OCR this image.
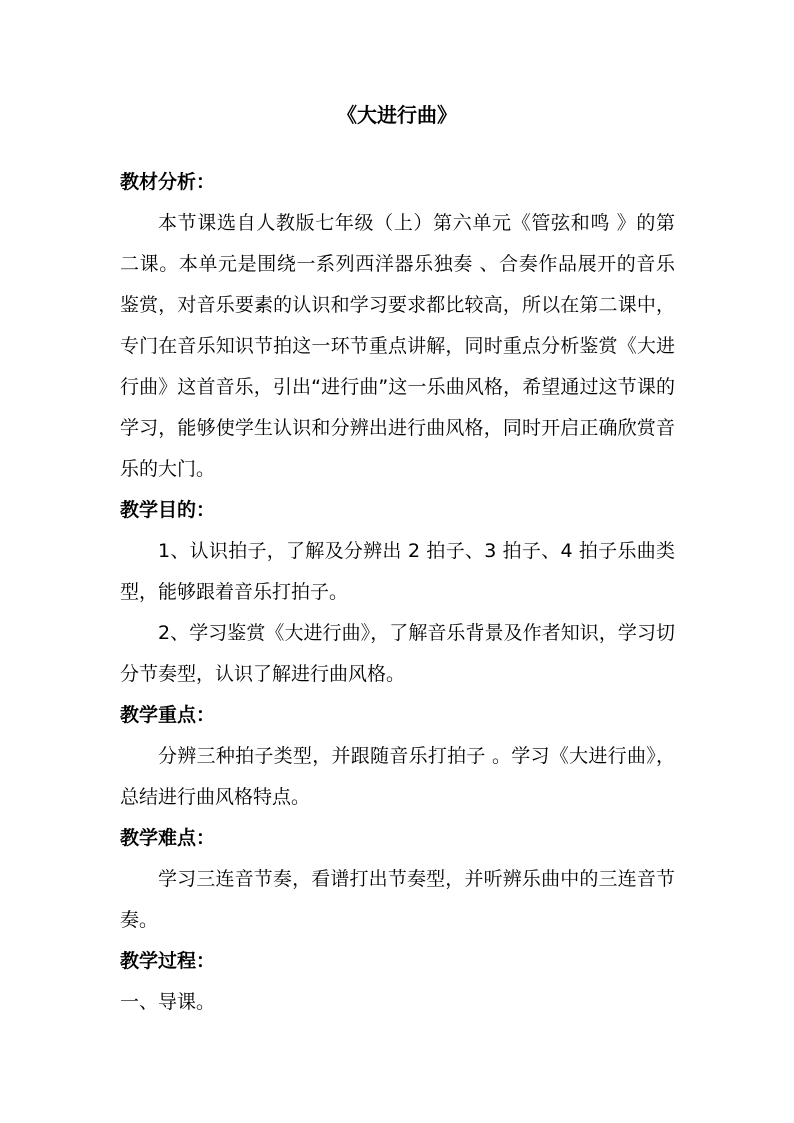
《大进行曲》

教材分析：

本节课选自人教版七年级（上）第六单元《管弦和鸣 》的第二课。本单元是围绕一系列西洋器乐独奏 、合奏作品展开的音乐鉴赏，对音乐要素的认识和学习要求都比较高，所以在第二课中，专门在音乐知识节拍这一环节重点讲解，同时重点分析鉴赏《大进行曲》这首音乐，引出“进行曲”这一乐曲风格，希望通过这节课的学习，能够使学生认识和分辨出进行曲风格，同时开启正确欣赏音乐的大门。

教学目的：

1、认识拍子，了解及分辨出 2 拍子、3 拍子、4 拍子乐曲类型，能够跟着音乐打拍子。

2、学习鉴赏《大进行曲》，了解音乐背景及作者知识，学习切分节奏型，认识了解进行曲风格。

教学重点：

分辨三种拍子类型，并跟随音乐打拍子 。学习《大进行曲》，总结进行曲风格特点。

教学难点：

学习三连音节奏，看谱打出节奏型，并听辨乐曲中的三连音节奏。

教学过程：

一、导课。
